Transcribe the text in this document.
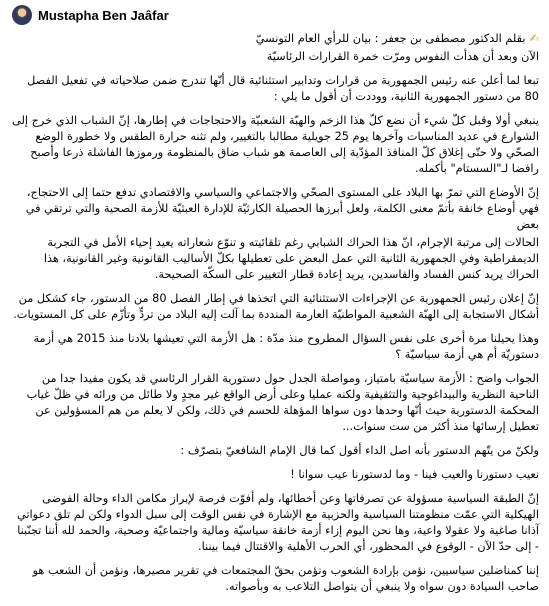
Mustapha Ben Jaâfar
✍بقلم الدكتور مصطفى بن جعفر : بيان للرأي العام التونسيّ
الآن وبعد أن هدأت النفوس ومرّت خمرة القرارات الرئاسيّة
تبعا لما أعلن عنه رئيس الجمهورية من قرارات وتدابير استثنائية قال أنّها تندرج ضمن صلاحياته في تفعيل الفصل 80 من دستور الجمهورية الثانية، ووددت أن أقول ما يلي :
ينبغي أولا وقبل كلّ شيء أن نضع كلّ هذا الزخم والهبّة الشعبيّة والاحتجاجات في إطارها، إنّ الشباب الذي خرج إلى الشوارع في عديد المناسبات وآخرها يوم 25 جويلية مطالبا بالتغيير، ولم تثنه حرارة الطقس ولا خطورة الوضع الصحّي ولا حتّى إغلاق كلّ المنافذ المؤدّية إلى العاصمة هو شباب ضاق بالمنظومة ورموزها الفاشلة ذرعا وأصبح رافضا لـ"السستام" بأكمله.
إنّ الأوضاع التي تمرّ بها البلاد على المستوى الصحّي والاجتماعي والسياسي والاقتصادي تدفع حتما إلى الاحتجاج، فهي أوضاع خانقة بأتمّ معنى الكلمة، ولعل أبرزها الحصيلة الكارثيّة للإدارة العبثيّة للأزمة الصحية والتي ترتقي في بعض
الحالات إلى مرتبة الإجرام، انّ هذا الحراك الشبابي رغم تلقائيته و تنوّع شعاراته يعيد إحياء الأمل في التجربة الديمقراطية وفي الجمهورية الثانية التي عمل البعض على تعطيلها بكلّ الأساليب القانونية وغير القانونية، هذا الحراك يريد كنس الفساد والفاسدين، يريد إعادة قطار التغيير على السكّة الصحيحة.
إنّ إعلان رئيس الجمهورية عن الإجراءات الاستثنائية التي اتخذها في إطار الفصل 80 من الدستور، جاء كشكل من أشكال الاستجابة إلى الهبّة الشعبية المواطنيّة العارمة المنددة بما آلت إليه البلاد من تردٍّ وتأزّم على كل المستويات.
وهذا يحيلنا مرة أخرى على نفس السؤال المطروح منذ مدّة : هل الأزمة التي تعيشها بلادنا منذ 2015 هي أزمة دستوريّة أم هي أزمة سياسيّة ؟
الجواب واضح : الأزمة سياسيّة بامتياز، ومواصلة الجدل حول دستورية القرار الرئاسي قد يكون مفيدا جدا من الناحية النظرية والبيداغوجية والتثقيفية ولكنه عمليا وعلى أرض الواقع غير مجدٍ ولا طائل من ورائه في ظلّ غياب المحكمة الدستورية حيث أنّها وحدها دون سواها المؤهلة للحسم في ذلك، ولكن لا يعلم من هم المسؤولين عن تعطيل إرسائها منذ أكثر من ست سنوات...
ولكنّ من يتّهم الدستور بأنه اصل الداء أقول كما قال الإمام الشافعيّ بتصرّف :
نعيب دستورنا والعيب فينا - وما لدستورنا عيب سوانا !
إنّ الطبقة السياسية مسؤولة عن تصرفاتها وعن أخطائها، ولم أفوّت فرصة لإبراز مكامن الداء وحالة الفوضى الهيكلية التي عمّت منظومتنا السياسية والحزبية مع الإشارة في نفس الوقت إلى سبل الدواء ولكن لم تلق دعواتي آذانا صاغية ولا عقولا واعية، وها نحن اليوم إزاء أزمة خانقة سياسيّة ومالية واجتماعيّة وصحية، والحمد لله أننا تجنّبنا - إلى حدّ الآن - الوقوع في المحظور، أي الحرب الأهلية والاقتتال فيما بيننا.
إننا كمناضلين سياسيين، نؤمن بإرادة الشعوب ونؤمن بحقّ المجتمعات في تقرير مصيرها، ونؤمن أن الشعب هو صاحب السيادة دون سواه ولا ينبغي أن يتواصل التلاعب به وبأصواته.
